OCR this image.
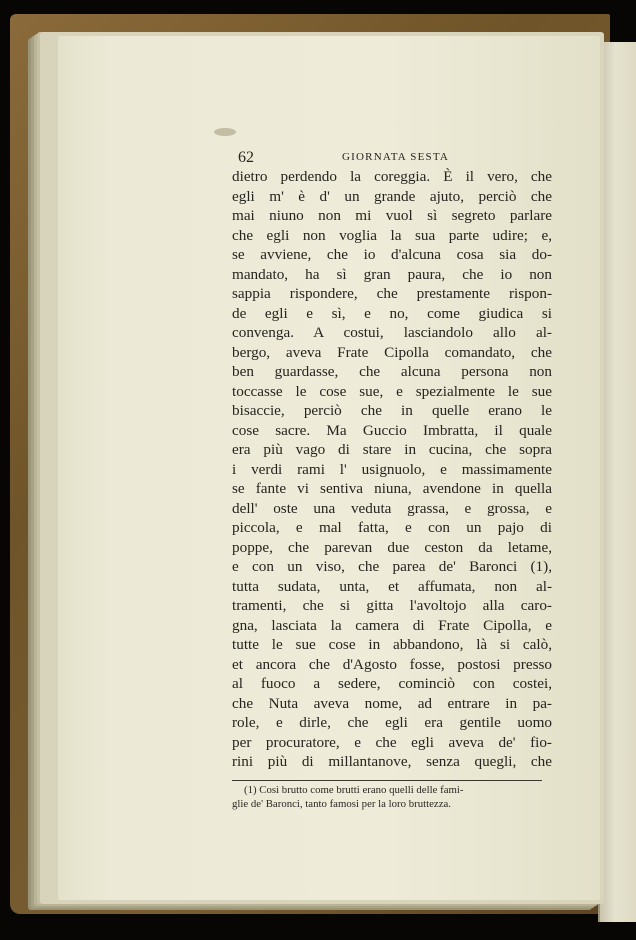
62	GIORNATA SESTA
dietro perdendo la coreggia. È il vero, che
egli m' è d' un grande ajuto, perciò che
mai niuno non mi vuol sì segreto parlare
che egli non voglia la sua parte udire; e,
se avviene, che io d'alcuna cosa sia do-
mandato, ha sì gran paura, che io non
sappia rispondere, che prestamente rispon-
de egli e sì, e no, come giudica si
convenga. A costui, lasciandolo allo al-
bergo, aveva Frate Cipolla comandato, che
ben guardasse, che alcuna persona non
toccasse le cose sue, e spezialmente le sue
bisaccie, perciò che in quelle erano le
cose sacre. Ma Guccio Imbratta, il quale
era più vago di stare in cucina, che sopra
i verdi rami l' usignuolo, e massimamente
se fante vi sentiva niuna, avendone in quella
dell' oste una veduta grassa, e grossa, e
piccola, e mal fatta, e con un pajo di
poppe, che parevan due ceston da letame,
e con un viso, che parea de' Baronci (1),
tutta sudata, unta, et affumata, non al-
tramenti, che si gitta l'avoltojo alla caro-
gna, lasciata la camera di Frate Cipolla, e
tutte le sue cose in abbandono, là si calò,
et ancora che d'Agosto fosse, postosi presso
al fuoco a sedere, cominciò con costei,
che Nuta aveva nome, ad entrare in pa-
role, e dirle, che egli era gentile uomo
per procuratore, e che egli aveva de' fio-
rini più di millantanove, senza quegli, che
(1) Così brutto come brutti erano quelli delle fami-
glie de' Baronci, tanto famosi per la loro bruttezza.
